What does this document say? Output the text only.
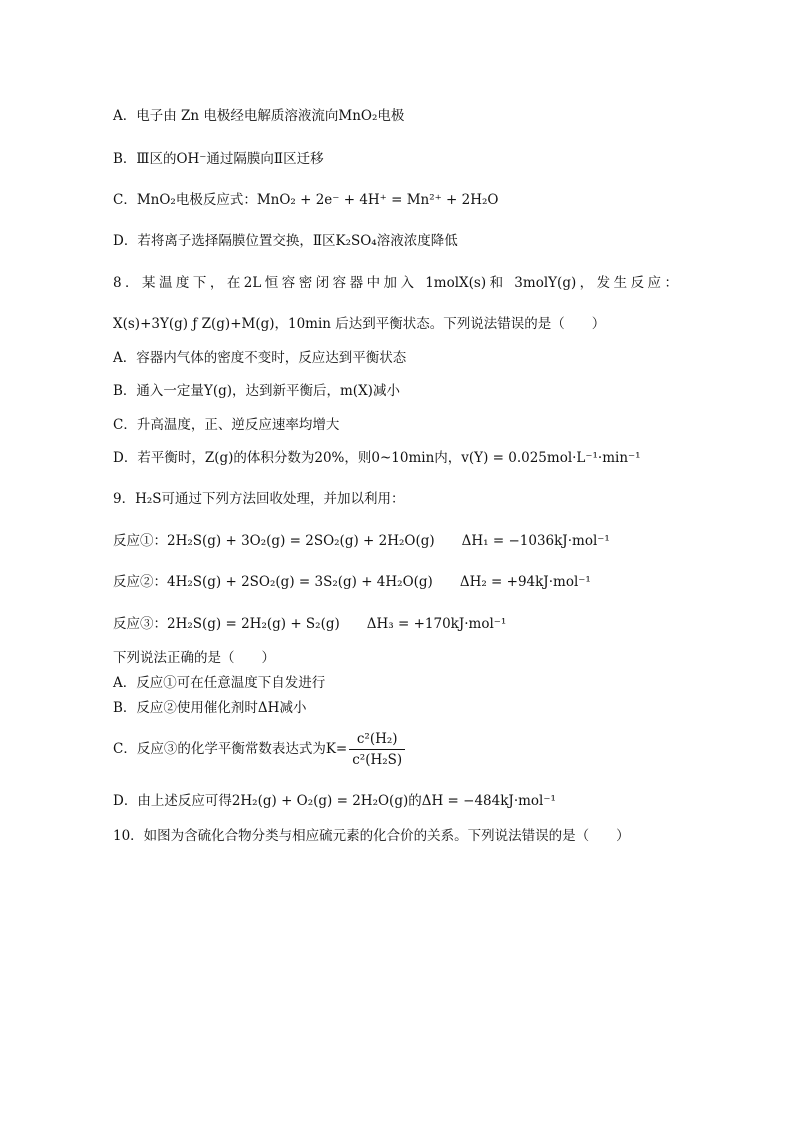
A．电子由 Zn 电极经电解质溶液流向MnO₂电极
B．Ⅲ区的OH⁻通过隔膜向Ⅱ区迁移
C．MnO₂电极反应式：MnO₂ + 2e⁻ + 4H⁺ = Mn²⁺ + 2H₂O
D．若将离子选择隔膜位置交换，Ⅱ区K₂SO₄溶液浓度降低
8．某温度下，在2L恒容密闭容器中加入 1molX(s)和 3molY(g)，发生反应：
X(s)+3Y(g) ƒ Z(g)+M(g)，10min 后达到平衡状态。下列说法错误的是（　　）
A．容器内气体的密度不变时，反应达到平衡状态
B．通入一定量Y(g)，达到新平衡后，m(X)减小
C．升高温度，正、逆反应速率均增大
D．若平衡时，Z(g)的体积分数为20%，则0~10min内，v(Y) = 0.025mol·L⁻¹·min⁻¹
9．H₂S可通过下列方法回收处理，并加以利用：
反应①：2H₂S(g) + 3O₂(g) = 2SO₂(g) + 2H₂O(g)　　ΔH₁ = −1036kJ·mol⁻¹
反应②：4H₂S(g) + 2SO₂(g) = 3S₂(g) + 4H₂O(g)　　ΔH₂ = +94kJ·mol⁻¹
反应③：2H₂S(g) = 2H₂(g) + S₂(g)　　ΔH₃ = +170kJ·mol⁻¹
下列说法正确的是（　　）
A．反应①可在任意温度下自发进行
B．反应②使用催化剂时ΔH减小
C．反应③的化学平衡常数表达式为$K= \frac{\text{c²(H₂)}}{\text{c²(H₂S)}}$
D．由上述反应可得2H₂(g) + O₂(g) = 2H₂O(g)的ΔH = −484kJ·mol⁻¹
10．如图为含硫化合物分类与相应硫元素的化合价的关系。下列说法错误的是（　　）
